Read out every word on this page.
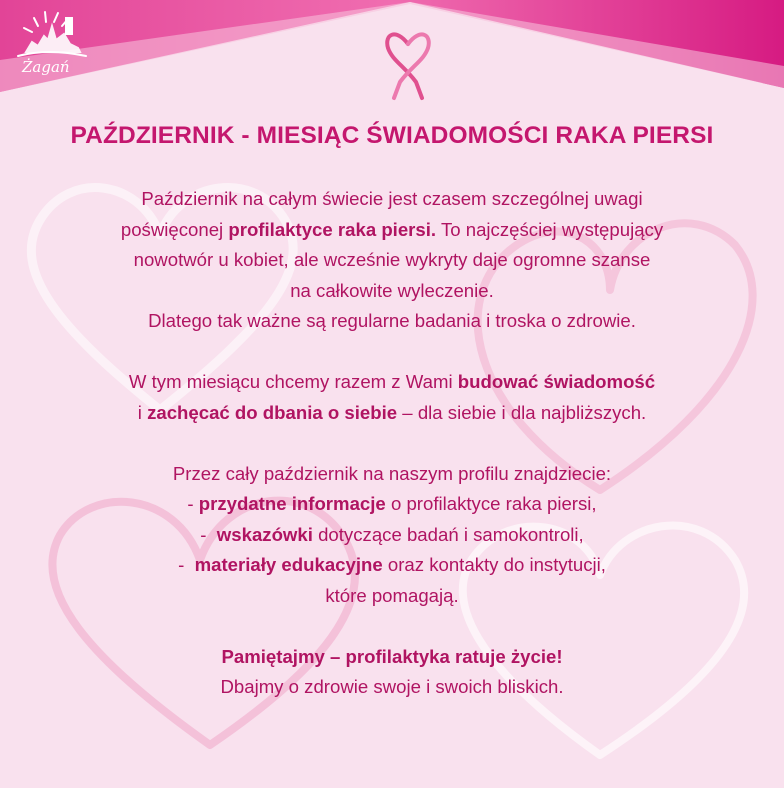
Żagań
PAŹDZIERNIK - MIESIĄC ŚWIADOMOŚCI RAKA PIERSI

Październik na całym świecie jest czasem szczególnej uwagi

poświęconej profilaktyce raka piersi. To najczęściej występujący

nowotwór u kobiet, ale wcześnie wykryty daje ogromne szanse

na całkowite wyleczenie.

Dlatego tak ważne są regularne badania i troska o zdrowie.

W tym miesiącu chcemy razem z Wami budować świadomość

i zachęcać do dbania o siebie – dla siebie i dla najbliższych.

Przez cały październik na naszym profilu znajdziecie:

- przydatne informacje o profilaktyce raka piersi,

-  wskazówki dotyczące badań i samokontroli,

-  materiały edukacyjne oraz kontakty do instytucji,

które pomagają.

Pamiętajmy – profilaktyka ratuje życie!

Dbajmy o zdrowie swoje i swoich bliskich.
